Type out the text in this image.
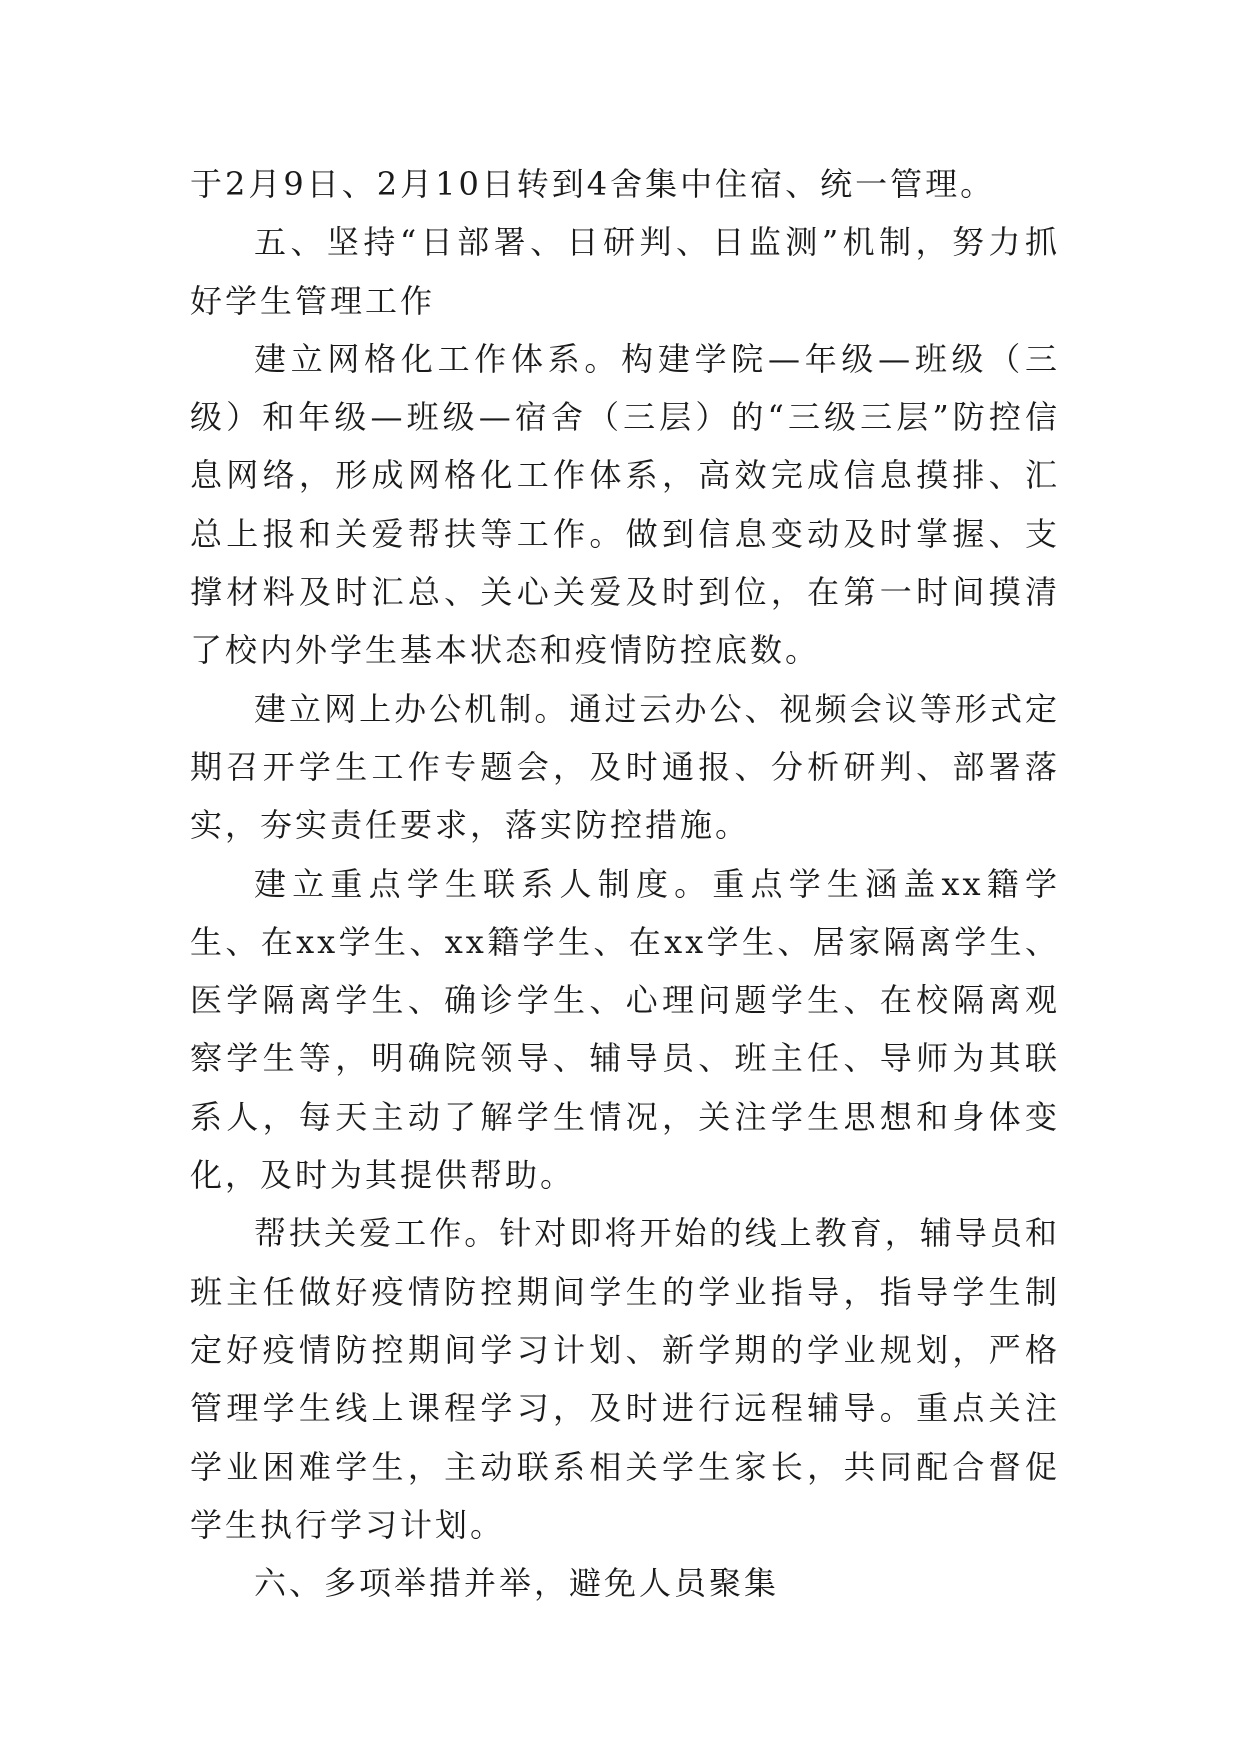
于2月9日、2月10日转到4舍集中住宿、统一管理。

五、坚持“日部署、日研判、日监测”机制，努力抓好学生管理工作

建立网格化工作体系。构建学院—年级—班级（三级）和年级—班级—宿舍（三层）的“三级三层”防控信息网络，形成网格化工作体系，高效完成信息摸排、汇总上报和关爱帮扶等工作。做到信息变动及时掌握、支撑材料及时汇总、关心关爱及时到位，在第一时间摸清了校内外学生基本状态和疫情防控底数。

建立网上办公机制。通过云办公、视频会议等形式定期召开学生工作专题会，及时通报、分析研判、部署落实，夯实责任要求，落实防控措施。

建立重点学生联系人制度。重点学生涵盖xx籍学生、在xx学生、xx籍学生、在xx学生、居家隔离学生、医学隔离学生、确诊学生、心理问题学生、在校隔离观察学生等，明确院领导、辅导员、班主任、导师为其联系人，每天主动了解学生情况，关注学生思想和身体变化，及时为其提供帮助。

帮扶关爱工作。针对即将开始的线上教育，辅导员和班主任做好疫情防控期间学生的学业指导，指导学生制定好疫情防控期间学习计划、新学期的学业规划，严格管理学生线上课程学习，及时进行远程辅导。重点关注学业困难学生，主动联系相关学生家长，共同配合督促学生执行学习计划。

六、多项举措并举，避免人员聚集
